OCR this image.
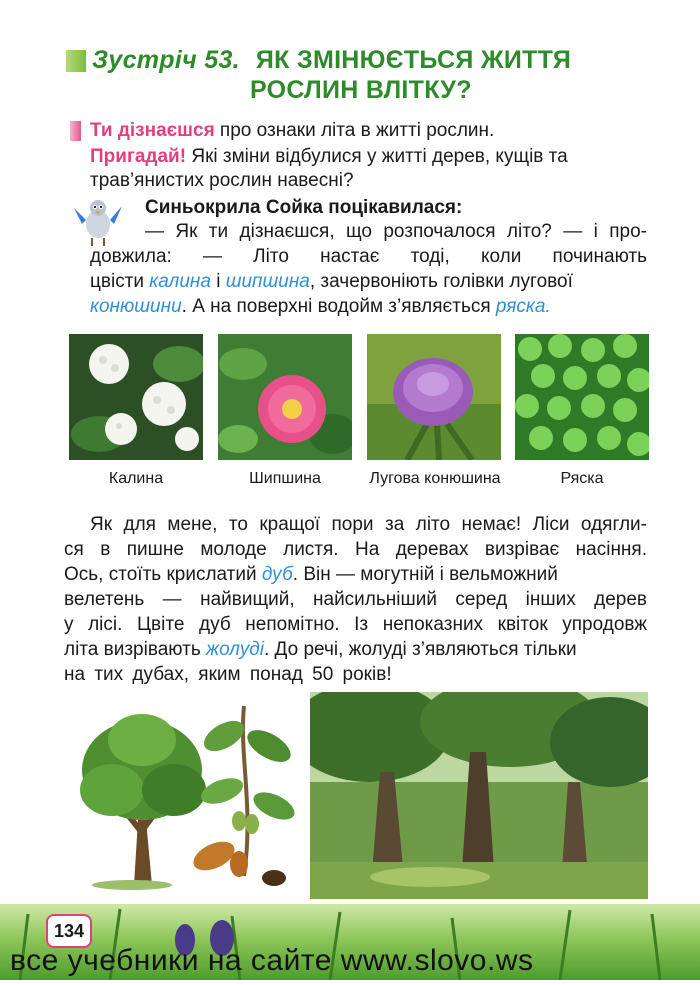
Зустріч 53. ЯК ЗМІНЮЄТЬСЯ ЖИТТЯ
РОСЛИН ВЛІТКУ?
Ти дізнаєшся про ознаки літа в житті рослин.
Пригадай! Які зміни відбулися у житті дерев, кущів та
трав’янистих рослин навесні?
Синьокрила Сойка поцікавилася:
— Як ти дізнаєшся, що розпочалося літо? — і про-
довжила: — Літо настає тоді, коли починають
цвісти калина і шипшина, зачервоніють голівки лугової
конюшини. А на поверхні водойм з’являється ряска.
Калина	Шипшина	Лугова конюшина	Ряска
Як для мене, то кращої пори за літо немає! Ліси одягли-
ся в пишне молоде листя. На деревах визріває насіння.
Ось, стоїть крислатий дуб. Він — могутній і вельможний
велетень — найвищий, найсильніший серед інших дерев
у лісі. Цвіте дуб непомітно. Із непоказних квіток упродовж
літа визрівають жолуді. До речі, жолуді з’являються тільки
на тих дубах, яким понад 50 років!
134
все учебники на сайте www.slovo.ws
